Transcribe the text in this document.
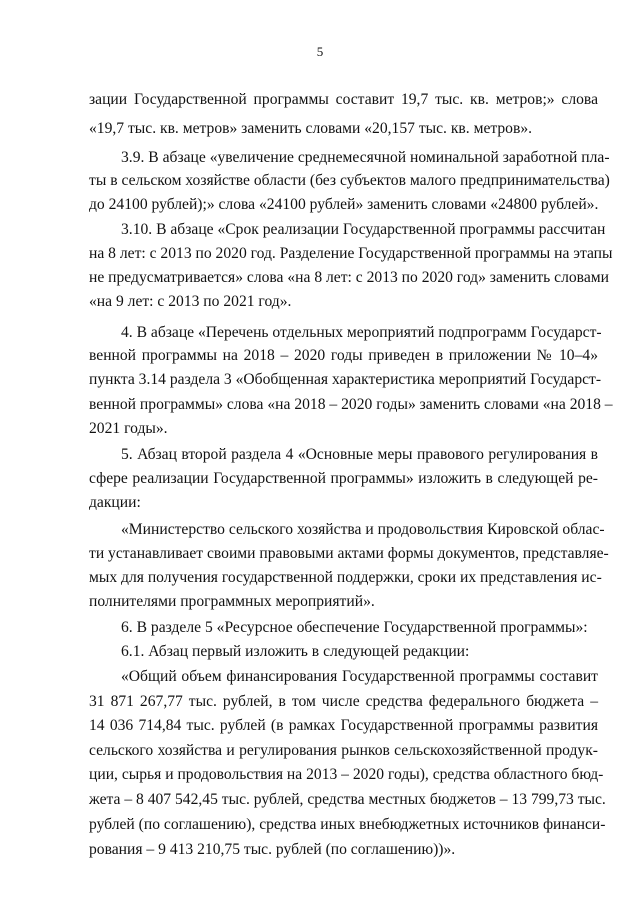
5
зации Государственной программы составит 19,7 тыс. кв. метров;» слова
«19,7 тыс. кв. метров» заменить словами «20,157 тыс. кв. метров».
3.9. В абзаце «увеличение среднемесячной номинальной заработной пла-
ты в сельском хозяйстве области (без субъектов малого предпринимательства)
до 24100 рублей);» слова «24100 рублей» заменить словами «24800 рублей».
3.10. В абзаце «Срок реализации Государственной программы рассчитан
на 8 лет: с 2013 по 2020 год. Разделение Государственной программы на этапы
не предусматривается» слова «на 8 лет: с 2013 по 2020 год» заменить словами
«на 9 лет: с 2013 по 2021 год».
4. В абзаце «Перечень отдельных мероприятий подпрограмм Государст-
венной программы на 2018 – 2020 годы приведен в приложении № 10–4»
пункта 3.14 раздела 3 «Обобщенная характеристика мероприятий Государст-
венной программы» слова «на 2018 – 2020 годы» заменить словами «на 2018 –
2021 годы».
5. Абзац второй раздела 4 «Основные меры правового регулирования в
сфере реализации Государственной программы» изложить в следующей ре-
дакции:
«Министерство сельского хозяйства и продовольствия Кировской облас-
ти устанавливает своими правовыми актами формы документов, представляе-
мых для получения государственной поддержки, сроки их представления ис-
полнителями программных мероприятий».
6. В разделе 5 «Ресурсное обеспечение Государственной программы»:
6.1. Абзац первый изложить в следующей редакции:
«Общий объем финансирования Государственной программы составит
31 871 267,77 тыс. рублей, в том числе средства федерального бюджета –
14 036 714,84 тыс. рублей (в рамках Государственной программы развития
сельского хозяйства и регулирования рынков сельскохозяйственной продук-
ции, сырья и продовольствия на 2013 – 2020 годы), средства областного бюд-
жета – 8 407 542,45 тыс. рублей, средства местных бюджетов – 13 799,73 тыс.
рублей (по соглашению), средства иных внебюджетных источников финанси-
рования – 9 413 210,75 тыс. рублей (по соглашению))».
